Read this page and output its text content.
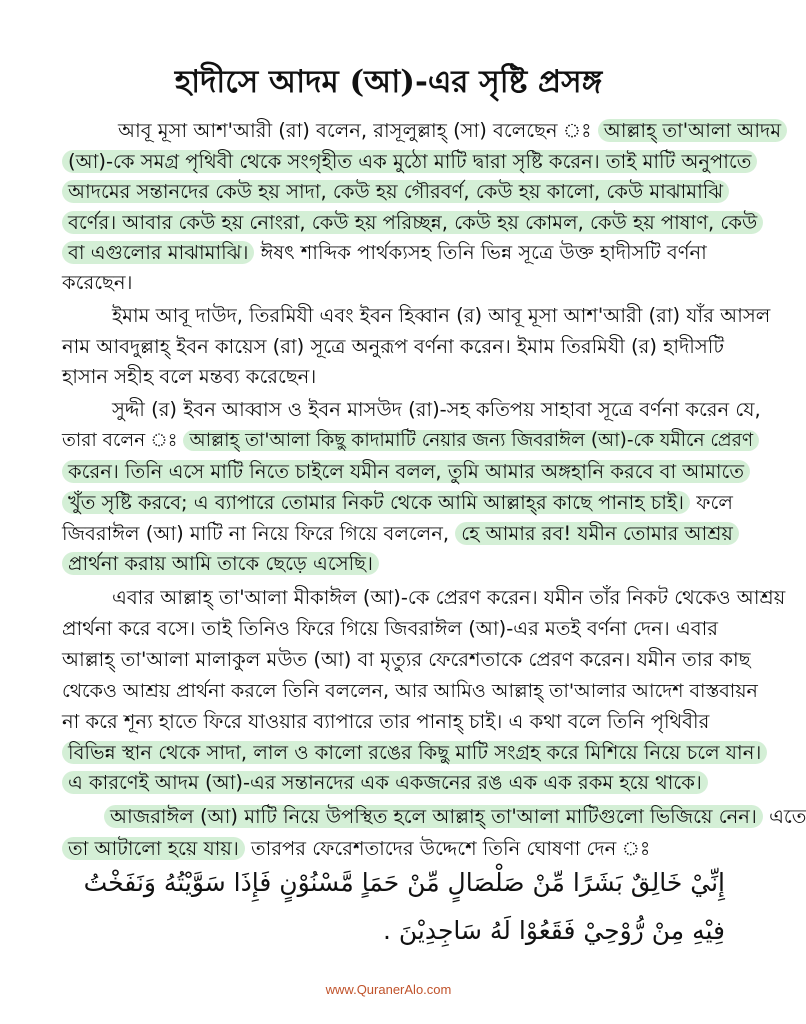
হাদীসে আদম (আ)-এর সৃষ্টি প্রসঙ্গ
আবূ মূসা আশ'আরী (রা) বলেন, রাসূলুল্লাহ্ (সা) বলেছেন ঃ আল্লাহ্ তা'আলা আদম
(আ)-কে সমগ্র পৃথিবী থেকে সংগৃহীত এক মুঠো মাটি দ্বারা সৃষ্টি করেন। তাই মাটি অনুপাতে
আদমের সন্তানদের কেউ হয় সাদা, কেউ হয় গৌরবর্ণ, কেউ হয় কালো, কেউ মাঝামাঝি
বর্ণের। আবার কেউ হয় নোংরা, কেউ হয় পরিচ্ছন্ন, কেউ হয় কোমল, কেউ হয় পাষাণ, কেউ
বা এগুলোর মাঝামাঝি। ঈষৎ শাব্দিক পার্থক্যসহ তিনি ভিন্ন সূত্রে উক্ত হাদীসটি বর্ণনা
করেছেন।
ইমাম আবূ দাউদ, তিরমিযী এবং ইবন হিব্বান (র) আবূ মূসা আশ'আরী (রা) যাঁর আসল
নাম আবদুল্লাহ্ ইবন কায়েস (রা) সূত্রে অনুরূপ বর্ণনা করেন। ইমাম তিরমিযী (র) হাদীসটি
হাসান সহীহ বলে মন্তব্য করেছেন।
সুদ্দী (র) ইবন আব্বাস ও ইবন মাসউদ (রা)-সহ কতিপয় সাহাবা সূত্রে বর্ণনা করেন যে,
তারা বলেন ঃ আল্লাহ্ তা'আলা কিছু কাদামাটি নেয়ার জন্য জিবরাঈল (আ)-কে যমীনে প্রেরণ
করেন। তিনি এসে মাটি নিতে চাইলে যমীন বলল, তুমি আমার অঙ্গহানি করবে বা আমাতে
খুঁত সৃষ্টি করবে; এ ব্যাপারে তোমার নিকট থেকে আমি আল্লাহ্‌র কাছে পানাহ চাই। ফলে
জিবরাঈল (আ) মাটি না নিয়ে ফিরে গিয়ে বললেন, হে আমার রব! যমীন তোমার আশ্রয়
প্রার্থনা করায় আমি তাকে ছেড়ে এসেছি।
এবার আল্লাহ্ তা'আলা মীকাঈল (আ)-কে প্রেরণ করেন। যমীন তাঁর নিকট থেকেও আশ্রয়
প্রার্থনা করে বসে। তাই তিনিও ফিরে গিয়ে জিবরাঈল (আ)-এর মতই বর্ণনা দেন। এবার
আল্লাহ্ তা'আলা মালাকুল মউত (আ) বা মৃত্যুর ফেরেশতাকে প্রেরণ করেন। যমীন তার কাছ
থেকেও আশ্রয় প্রার্থনা করলে তিনি বললেন, আর আমিও আল্লাহ্ তা'আলার আদেশ বাস্তবায়ন
না করে শূন্য হাতে ফিরে যাওয়ার ব্যাপারে তার পানাহ্ চাই। এ কথা বলে তিনি পৃথিবীর
বিভিন্ন স্থান থেকে সাদা, লাল ও কালো রঙের কিছু মাটি সংগ্রহ করে মিশিয়ে নিয়ে চলে যান।
এ কারণেই আদম (আ)-এর সন্তানদের এক একজনের রঙ এক এক রকম হয়ে থাকে।
আজরাঈল (আ) মাটি নিয়ে উপস্থিত হলে আল্লাহ্ তা'আলা মাটিগুলো ভিজিয়ে নেন। এতে
তা আটালো হয়ে যায়। তারপর ফেরেশতাদের উদ্দেশে তিনি ঘোষণা দেন ঃ
إِنِّيْ خَالِقٌ بَشَرًا مِّنْ صَلْصَالٍ مِّنْ حَمَاٍ مَّسْنُوْنٍ فَإِذَا سَوَّيْتُهُ وَنَفَخْتُ
فِيْهِ مِنْ رُّوْحِيْ فَقَعُوْا لَهُ سَاجِدِيْنَ .
www.QuranerAlo.com
